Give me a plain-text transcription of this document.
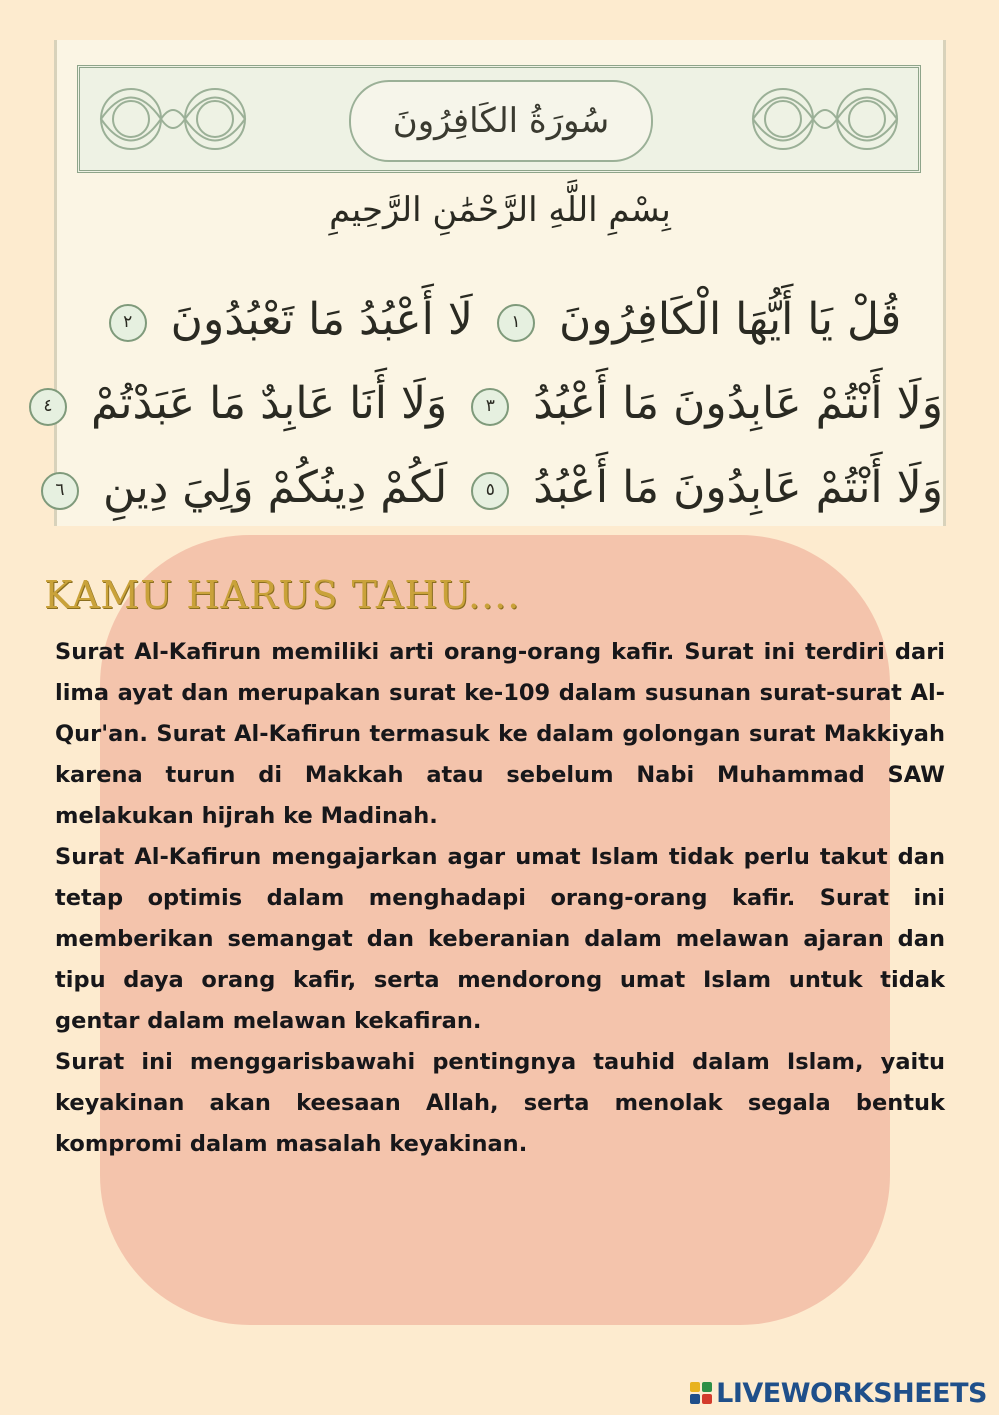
سُورَةُ الكَافِرُونَ
بِسْمِ اللَّهِ الرَّحْمَٰنِ الرَّحِيمِ
قُلْ يَا أَيُّهَا الْكَافِرُونَ ١ لَا أَعْبُدُ مَا تَعْبُدُونَ ٢
وَلَا أَنْتُمْ عَابِدُونَ مَا أَعْبُدُ ٣ وَلَا أَنَا عَابِدٌ مَا عَبَدْتُمْ ٤
وَلَا أَنْتُمْ عَابِدُونَ مَا أَعْبُدُ ٥ لَكُمْ دِينُكُمْ وَلِيَ دِينِ ٦
KAMU HARUS TAHU....

Surat Al-Kafirun memiliki arti orang-orang kafir. Surat ini terdiri dari lima ayat dan merupakan surat ke-109 dalam susunan surat-surat Al-Qur'an. Surat Al-Kafirun termasuk ke dalam golongan surat Makkiyah karena turun di Makkah atau sebelum Nabi Muhammad SAW melakukan hijrah ke Madinah.

Surat Al-Kafirun mengajarkan agar umat Islam tidak perlu takut dan tetap optimis dalam menghadapi orang-orang kafir. Surat ini memberikan semangat dan keberanian dalam melawan ajaran dan tipu daya orang kafir, serta mendorong umat Islam untuk tidak gentar dalam melawan kekafiran.

Surat ini menggarisbawahi pentingnya tauhid dalam Islam, yaitu keyakinan akan keesaan Allah, serta menolak segala bentuk kompromi dalam masalah keyakinan.

LIVEWORKSHEETS
